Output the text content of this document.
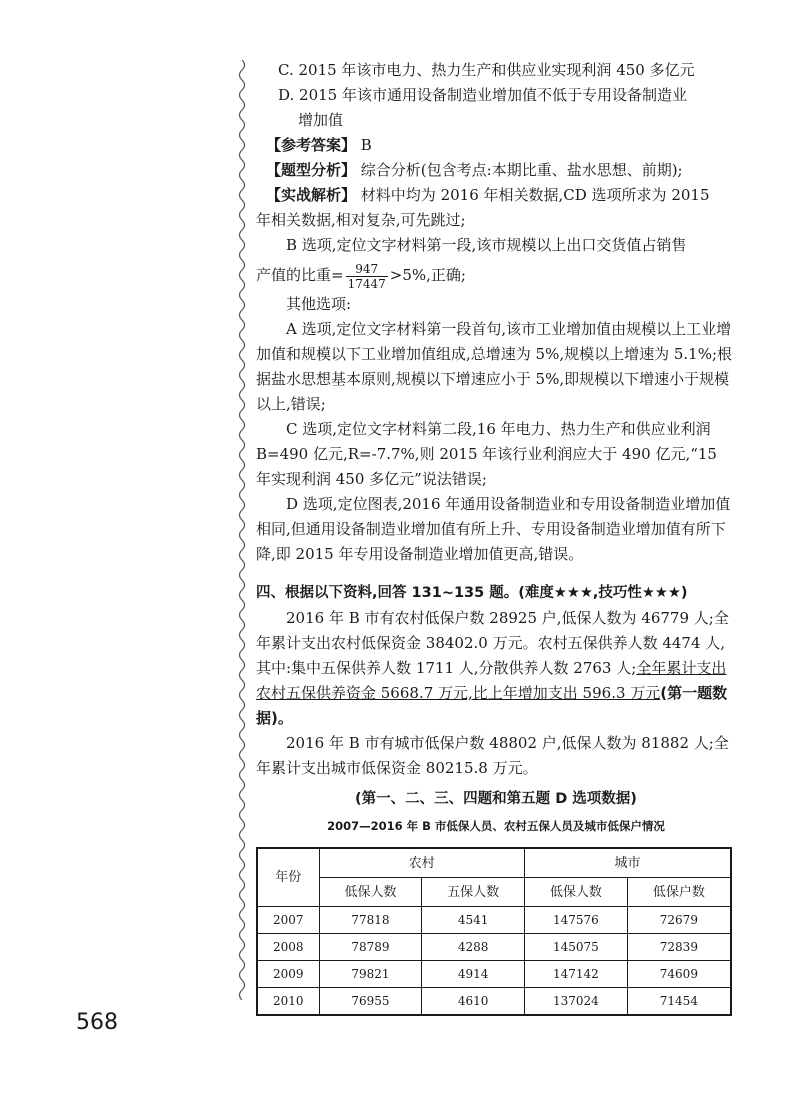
C. 2015 年该市电力、热力生产和供应业实现利润 450 多亿元
D. 2015 年该市通用设备制造业增加值不低于专用设备制造业
增加值
【参考答案】 B
【题型分析】 综合分析(包含考点:本期比重、盐水思想、前期);
【实战解析】 材料中均为 2016 年相关数据,CD 选项所求为 2015
年相关数据,相对复杂,可先跳过;
B 选项,定位文字材料第一段,该市规模以上出口交货值占销售
产值的比重= $\frac{947}{17447} >5\%$,正确;
其他选项:
A 选项,定位文字材料第一段首句,该市工业增加值由规模以上工业增加值和规模以下工业增加值组成,总增速为 5%,规模以上增速为 5.1%;根据盐水思想基本原则,规模以下增速应小于 5%,即规模以下增速小于规模以上,错误;
C 选项,定位文字材料第二段,16 年电力、热力生产和供应业利润 B=490 亿元,R=-7.7%,则 2015 年该行业利润应大于 490 亿元,“15 年实现利润 450 多亿元”说法错误;
D 选项,定位图表,2016 年通用设备制造业和专用设备制造业增加值相同,但通用设备制造业增加值有所上升、专用设备制造业增加值有所下降,即 2015 年专用设备制造业增加值更高,错误。
四、根据以下资料,回答 131~135 题。(难度★★★,技巧性★★★)
2016 年 B 市有农村低保户数 28925 户,低保人数为 46779 人;全年累计支出农村低保资金 38402.0 万元。农村五保供养人数 4474 人,其中:集中五保供养人数 1711 人,分散供养人数 2763 人;全年累计支出农村五保供养资金 5668.7 万元,比上年增加支出 596.3 万元(第一题数据)。
2016 年 B 市有城市低保户数 48802 户,低保人数为 81882 人;全年累计支出城市低保资金 80215.8 万元。
(第一、二、三、四题和第五题 D 选项数据)
2007—2016 年 B 市低保人员、农村五保人员及城市低保户情况
年份	农村		城市	
	低保人数	五保人数	低保人数	低保户数
2007	77818	4541	147576	72679
2008	78789	4288	145075	72839
2009	79821	4914	147142	74609
2010	76955	4610	137024	71454
568
